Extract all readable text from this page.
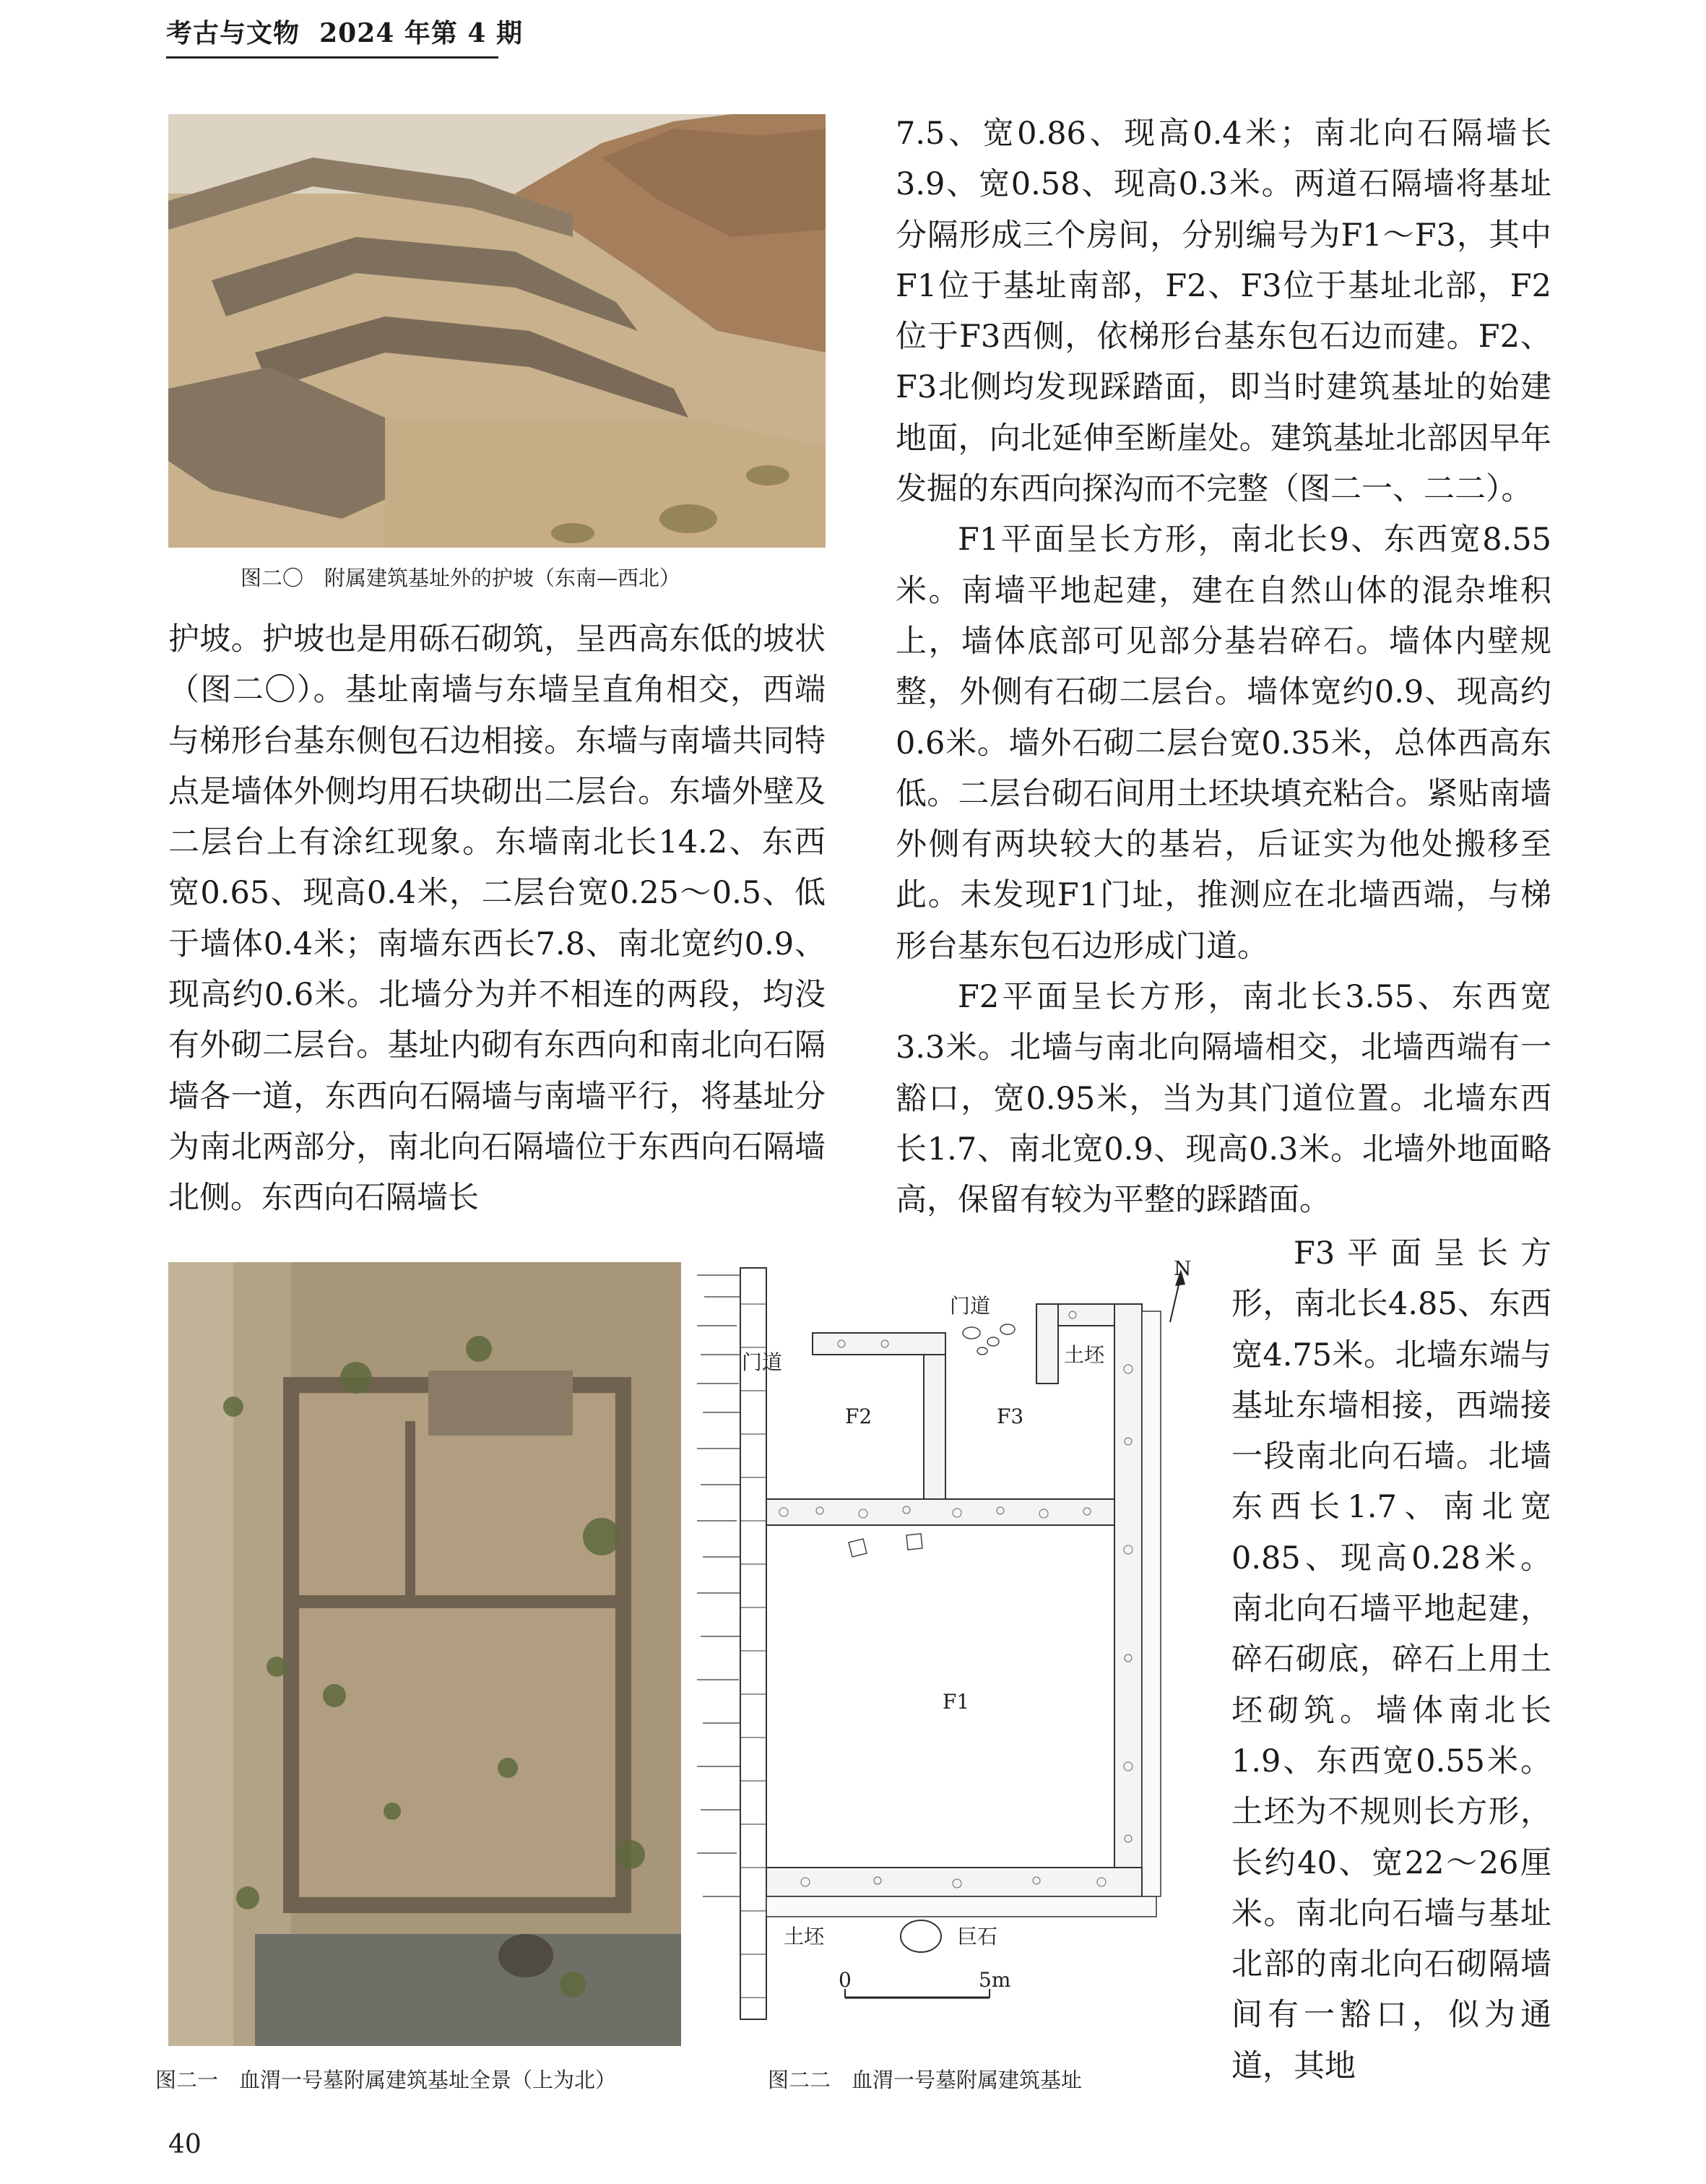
考古与文物 2024 年第 4 期
图二〇　附属建筑基址外的护坡（东南—西北）

护坡。护坡也是用砾石砌筑，呈西高东低的坡状（图二〇）。基址南墙与东墙呈直角相交，西端与梯形台基东侧包石边相接。东墙与南墙共同特点是墙体外侧均用石块砌出二层台。东墙外壁及二层台上有涂红现象。东墙南北长14.2、东西宽0.65、现高0.4米，二层台宽0.25～0.5、低于墙体0.4米；南墙东西长7.8、南北宽约0.9、现高约0.6米。北墙分为并不相连的两段，均没有外砌二层台。基址内砌有东西向和南北向石隔墙各一道，东西向石隔墙与南墙平行，将基址分为南北两部分，南北向石隔墙位于东西向石隔墙北侧。东西向石隔墙长

7.5、宽0.86、现高0.4米；南北向石隔墙长3.9、宽0.58、现高0.3米。两道石隔墙将基址分隔形成三个房间，分别编号为F1～F3，其中F1位于基址南部，F2、F3位于基址北部，F2位于F3西侧，依梯形台基东包石边而建。F2、F3北侧均发现踩踏面，即当时建筑基址的始建地面，向北延伸至断崖处。建筑基址北部因早年发掘的东西向探沟而不完整（图二一、二二）。

F1平面呈长方形，南北长9、东西宽8.55米。南墙平地起建，建在自然山体的混杂堆积上，墙体底部可见部分基岩碎石。墙体内壁规整，外侧有石砌二层台。墙体宽约0.9、现高约0.6米。墙外石砌二层台宽0.35米，总体西高东低。二层台砌石间用土坯块填充粘合。紧贴南墙外侧有两块较大的基岩，后证实为他处搬移至此。未发现F1门址，推测应在北墙西端，与梯形台基东包石边形成门道。

F2平面呈长方形，南北长3.55、东西宽3.3米。北墙与南北向隔墙相交，北墙西端有一豁口，宽0.95米，当为其门道位置。北墙东西长1.7、南北宽0.9、现高0.3米。北墙外地面略高，保留有较为平整的踩踏面。

F3平面呈长方形，南北长4.85、东西宽4.75米。北墙东端与基址东墙相接，西端接一段南北向石墙。北墙东西长1.7、南北宽0.85、现高0.28米。南北向石墙平地起建，碎石砌底，碎石上用土坯砌筑。墙体南北长1.9、东西宽0.55米。土坯为不规则长方形，长约40、宽22～26厘米。南北向石墙与基址北部的南北向石砌隔墙间有一豁口，似为通道，其地

图二一　血渭一号墓附属建筑基址全景（上为北）
N
门道
门道
土坯
F2	F3
F1
土坯	巨石
0	5m
图二二　血渭一号墓附属建筑基址
40
